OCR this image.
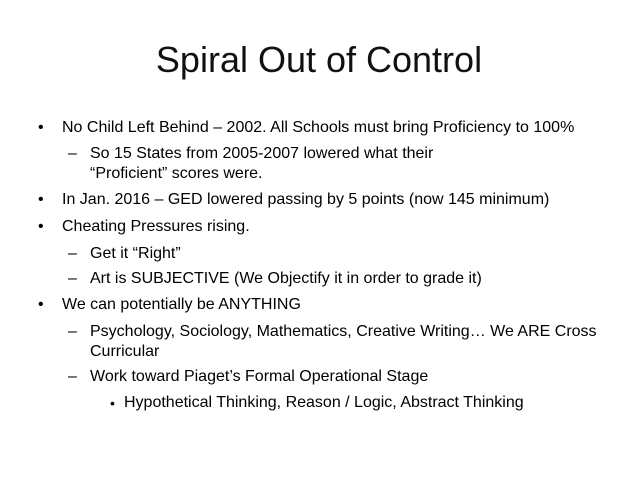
Spiral Out of Control
• No Child Left Behind – 2002. All Schools must bring Proficiency to 100%
– So 15 States from 2005-2007 lowered what their
“Proficient” scores were.
• In Jan. 2016 – GED lowered passing by 5 points (now 145 minimum)
• Cheating Pressures rising.
– Get it “Right”
– Art is SUBJECTIVE (We Objectify it in order to grade it)
• We can potentially be ANYTHING
– Psychology, Sociology, Mathematics, Creative Writing… We ARE Cross
Curricular
– Work toward Piaget’s Formal Operational Stage
• Hypothetical Thinking, Reason / Logic, Abstract Thinking
